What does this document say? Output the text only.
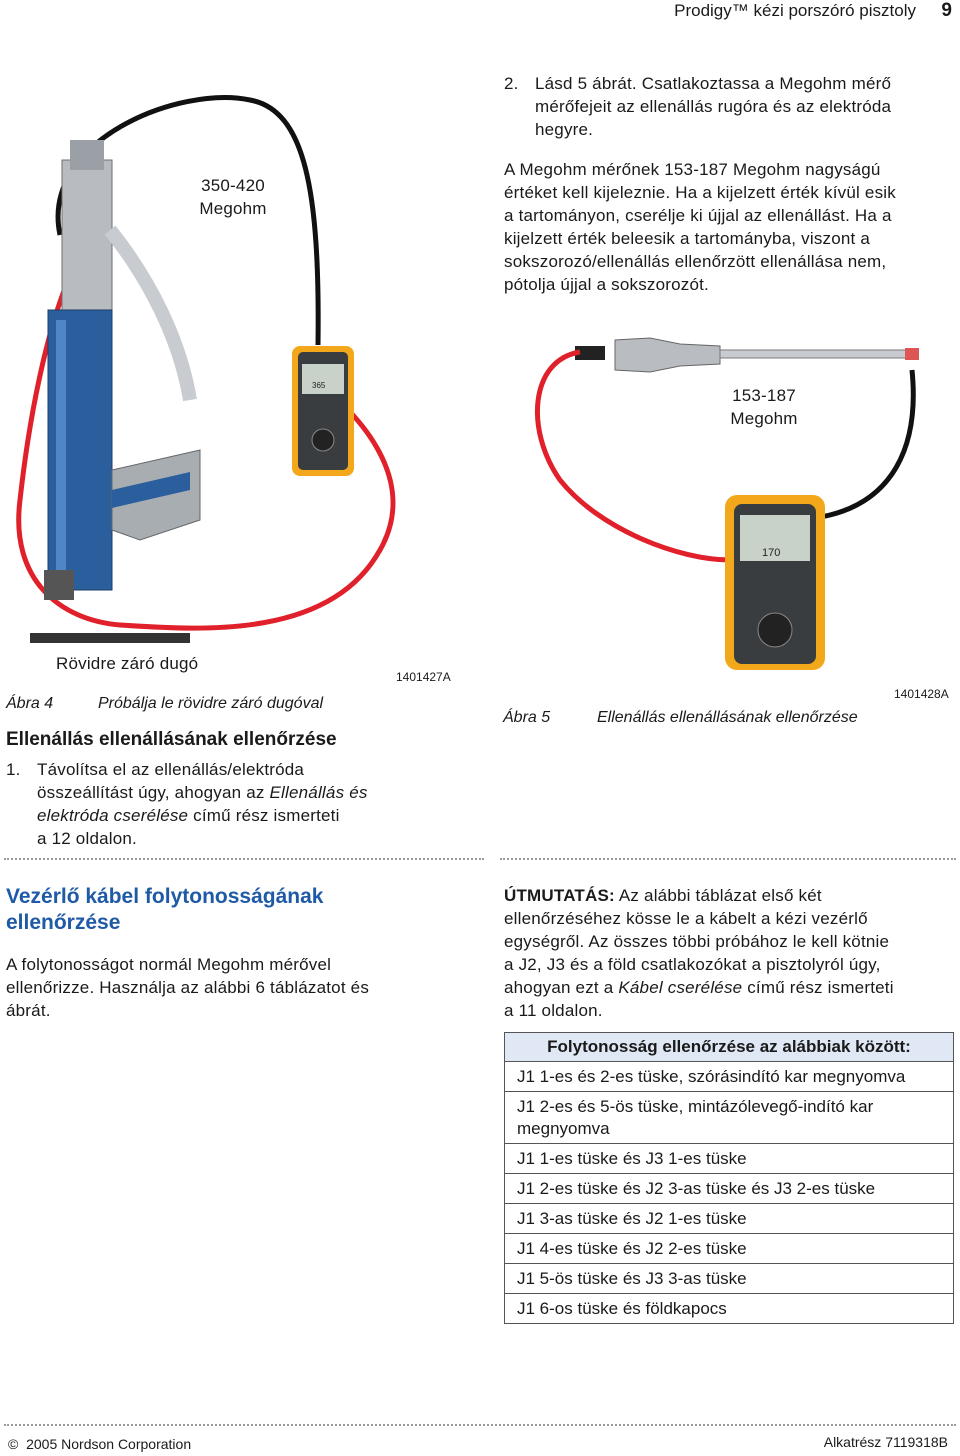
Prodigy™ kézi porszóró pisztoly 9
365
350-420
Megohm
Rövidre záró dugó
1401427A
Ábra 4	Próbálja le rövidre záró dugóval
2. Lásd 5 ábrát. Csatlakoztassa a Megohm mérő
mérőfejeit az ellenállás rugóra és az elektróda
hegyre.
A Megohm mérőnek 153-187 Megohm nagyságú
értéket kell kijeleznie. Ha a kijelzett érték kívül esik
a tartományon, cserélje ki újjal az ellenállást. Ha a
kijelzett érték beleesik a tartományba, viszont a
sokszorozó/ellenállás ellenőrzött ellenállása nem,
pótolja újjal a sokszorozót.
170
153-187
Megohm
1401428A
Ábra 5	Ellenállás ellenállásának ellenőrzése
Ellenállás ellenállásának ellenőrzése
1. Távolítsa el az ellenállás/elektróda
összeállítást úgy, ahogyan az Ellenállás és
elektróda cserélése című rész ismerteti
a 12 oldalon.
Vezérlő kábel folytonosságának
ellenőrzése
A folytonosságot normál Megohm mérővel
ellenőrizze. Használja az alábbi 6 táblázatot és
ábrát.
ÚTMUTATÁS: Az alábbi táblázat első két
ellenőrzéséhez kösse le a kábelt a kézi vezérlő
egységről. Az összes többi próbához le kell kötnie
a J2, J3 és a föld csatlakozókat a pisztolyról úgy,
ahogyan ezt a Kábel cserélése című rész ismerteti
a 11 oldalon.
Folytonosság ellenőrzése az alábbiak között:
J1 1-es és 2-es tüske, szórásindító kar megnyomva
J1 2-es és 5-ös tüske, mintázólevegő-indító kar megnyomva
J1 1-es tüske és J3 1-es tüske
J1 2-es tüske és J2 3-as tüske és J3 2-es tüske
J1 3-as tüske és J2 1-es tüske
J1 4-es tüske és J2 2-es tüske
J1 5-ös tüske és J3 3-as tüske
J1 6-os tüske és földkapocs
© 2005 Nordson Corporation	Alkatrész 7119318B
